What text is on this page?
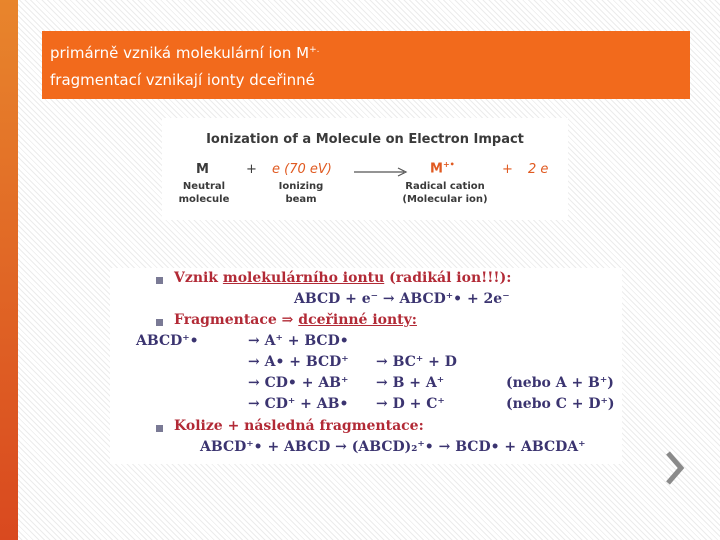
primárně vzniká molekulární ion M+.
fragmentací vznikají ionty dceřinné
Ionization of a Molecule on Electron Impact
M	+ e (70 eV)	M+•	+ 2 e
Neutral
molecule
Ionizing
beam
Radical cation
(Molecular ion)
Vznik molekulárního iontu (radikál ion!!!):
ABCD + e⁻ → ABCD⁺• + 2e⁻
Fragmentace ⇒ dceřinné ionty:
ABCD⁺•	→ A⁺ + BCD•
→ A• + BCD⁺ → BC⁺ + D
→ CD• + AB⁺ → B + A⁺	(nebo A + B⁺)
→ CD⁺ + AB• → D + C⁺	(nebo C + D⁺)
Kolize + následná fragmentace:
ABCD⁺• + ABCD → (ABCD)₂⁺• → BCD• + ABCDA⁺
